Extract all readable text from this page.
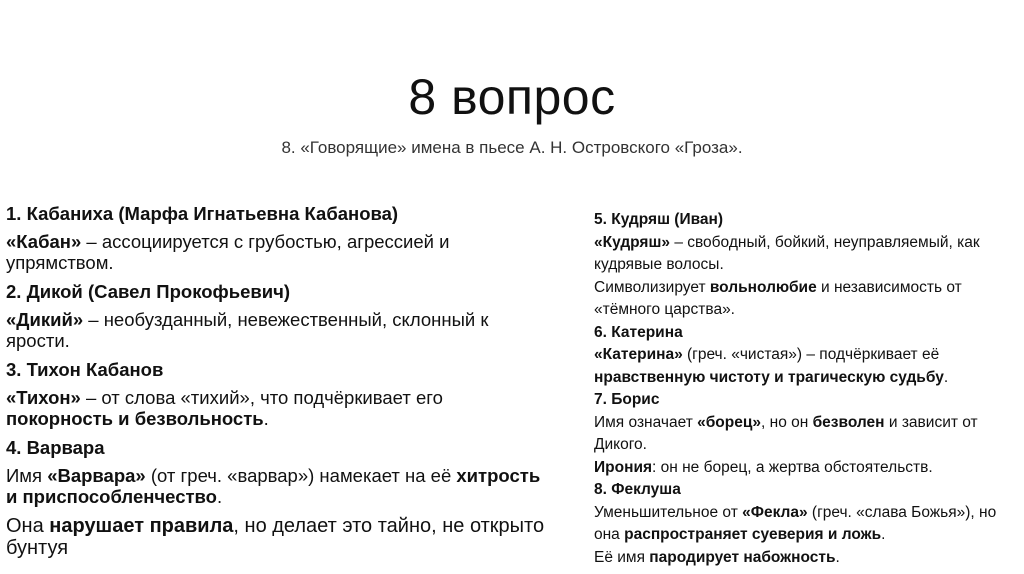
8 вопрос
8. «Говорящие» имена в пьесе А. Н. Островского «Гроза».

1. Кабаниха (Марфа Игнатьевна Кабанова)

«Кабан» – ассоциируется с грубостью, агрессией и упрямством.

2. Дикой (Савел Прокофьевич)

«Дикий» – необузданный, невежественный, склонный к ярости.

3. Тихон Кабанов

«Тихон» – от слова «тихий», что подчёркивает его покорность и безвольность.

4. Варвара

Имя «Варвара» (от греч. «варвар») намекает на её хитрость и приспособленчество.

Она нарушает правила, но делает это тайно, не открыто бунтуя

5. Кудряш (Иван)

«Кудряш» – свободный, бойкий, неуправляемый, как кудрявые волосы.

Символизирует вольнолюбие и независимость от «тёмного царства».

6. Катерина

«Катерина» (греч. «чистая») – подчёркивает её нравственную чистоту и трагическую судьбу.

7. Борис

Имя означает «борец», но он безволен и зависит от Дикого.

Ирония: он не борец, а жертва обстоятельств.

8. Феклуша

Уменьшительное от «Фекла» (греч. «слава Божья»), но она распространяет суеверия и ложь.

Её имя пародирует набожность.
